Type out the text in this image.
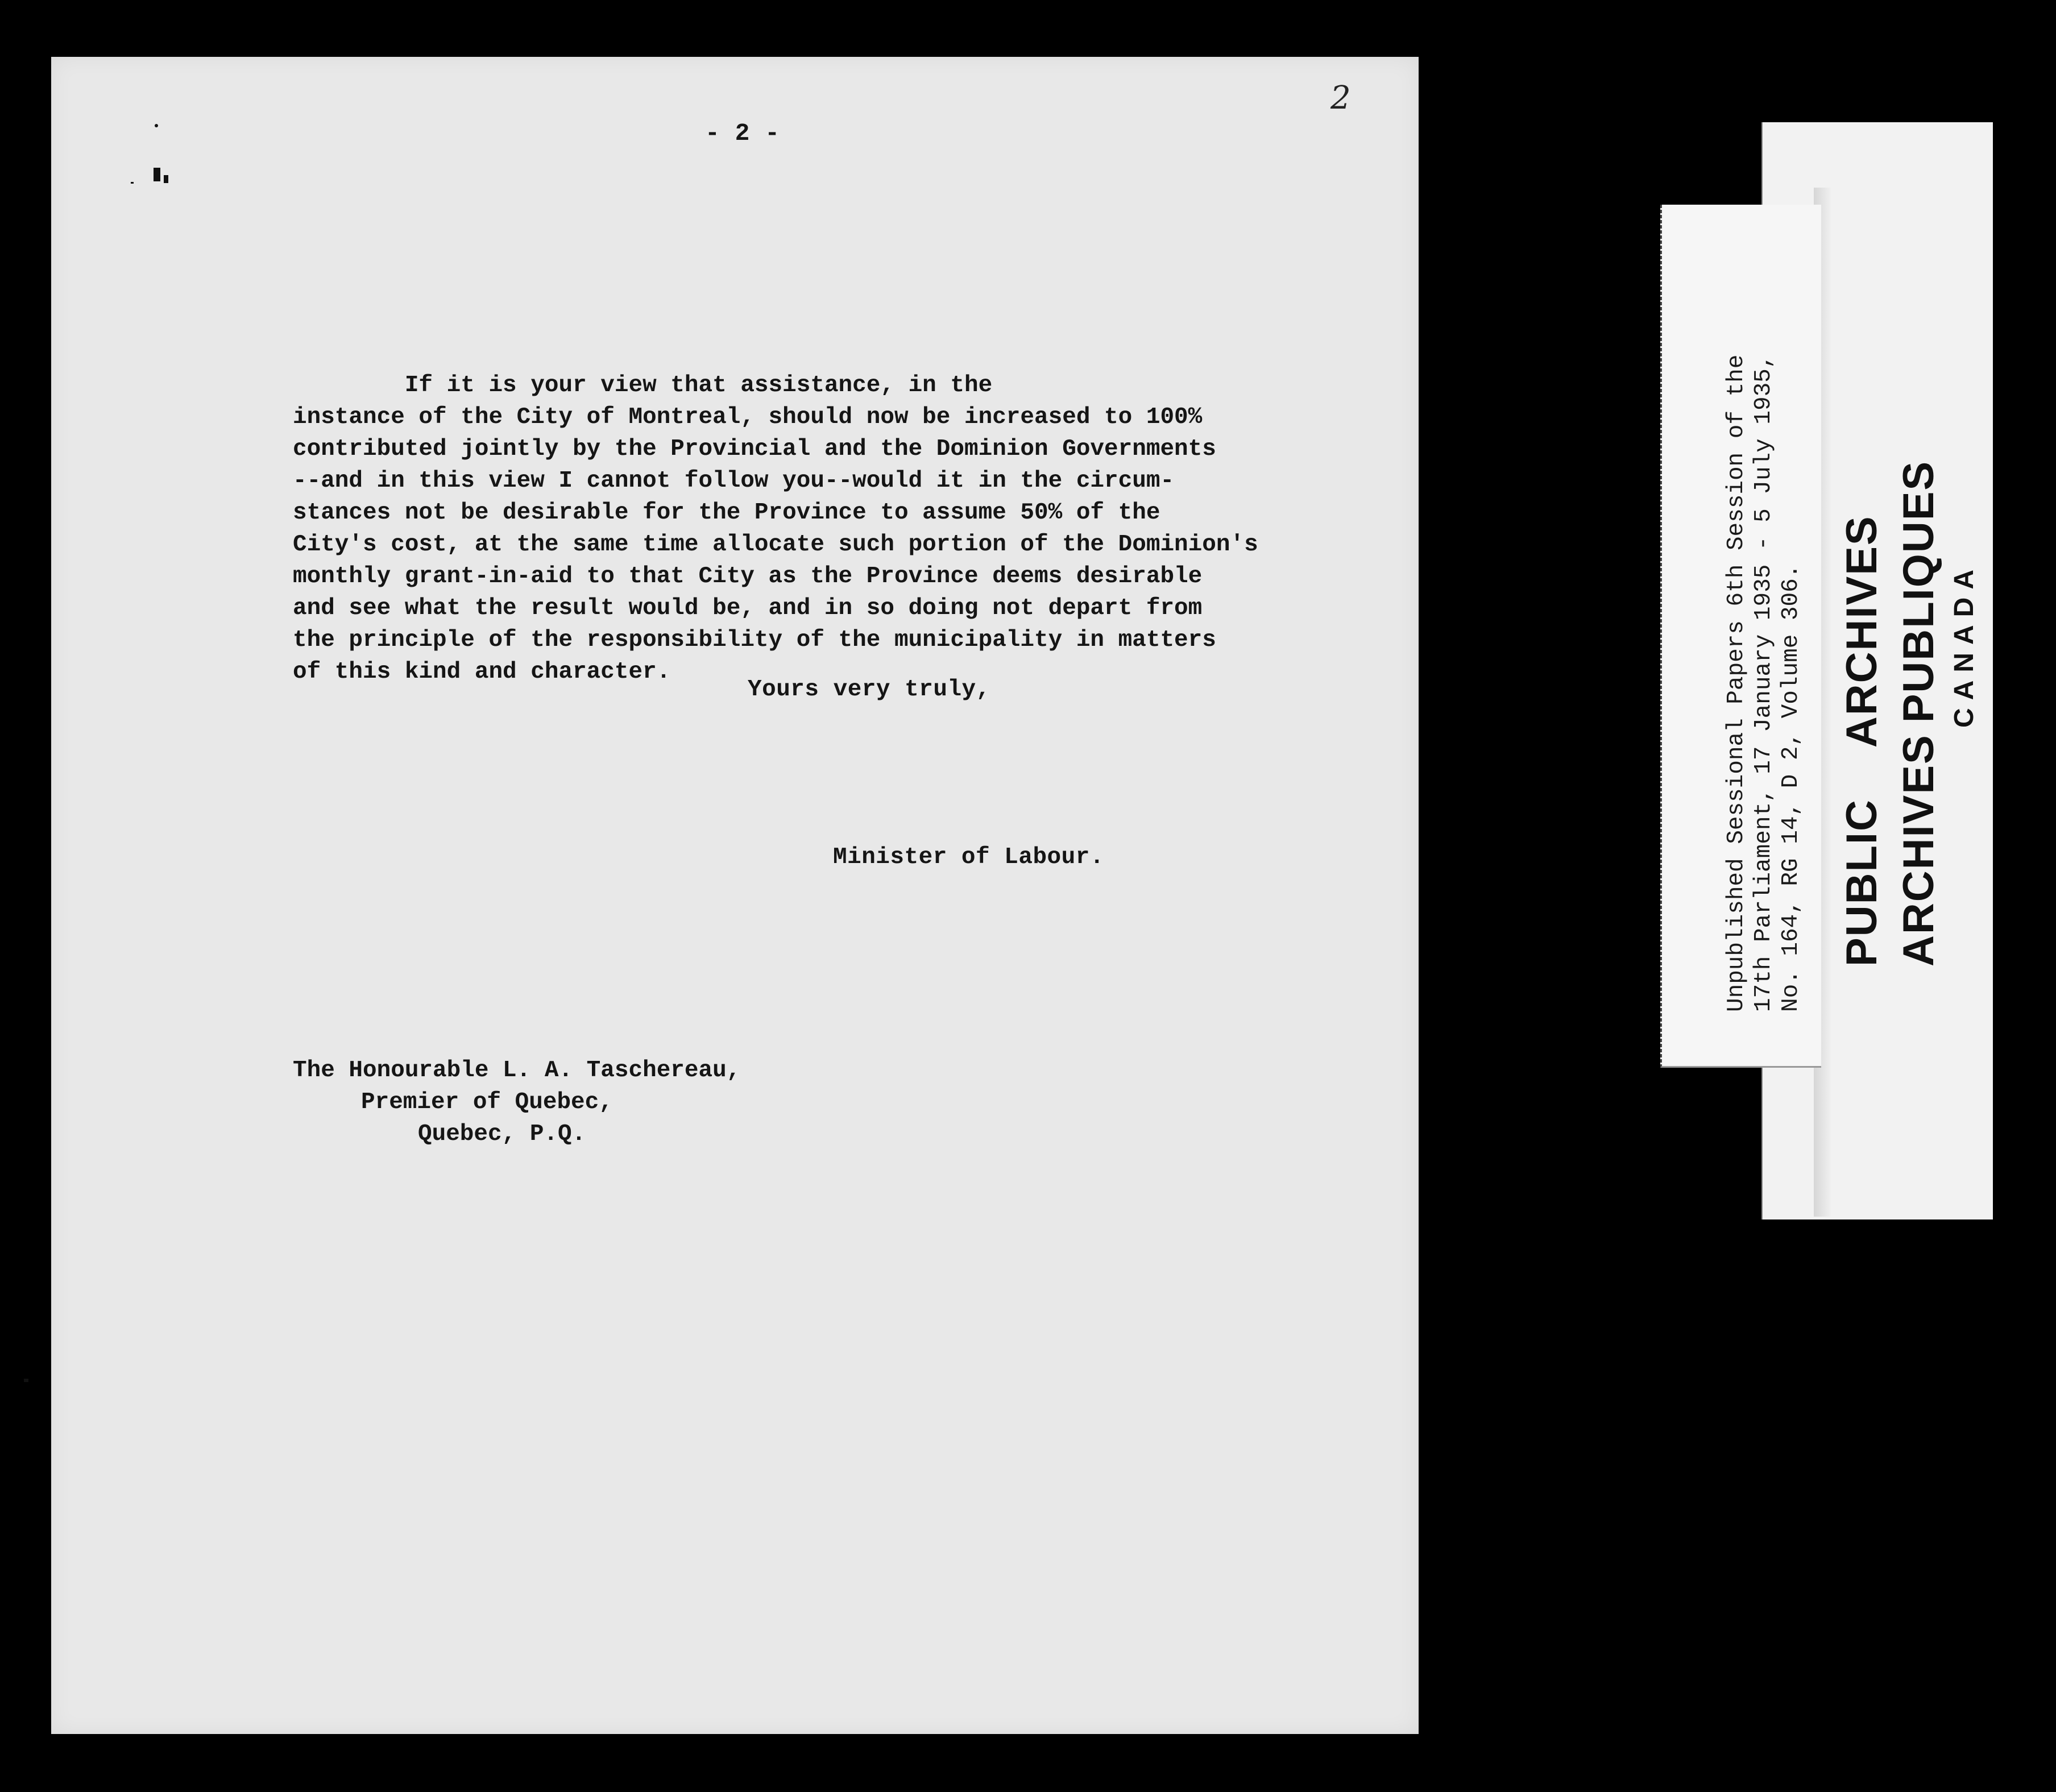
- 2 -
2
If it is your view that assistance, in the
instance of the City of Montreal, should now be increased to 100%
contributed jointly by the Provincial and the Dominion Governments
--and in this view I cannot follow you--would it in the circum-
stances not be desirable for the Province to assume 50% of the
City's cost, at the same time allocate such portion of the Dominion's
monthly grant-in-aid to that City as the Province deems desirable
and see what the result would be, and in so doing not depart from
the principle of the responsibility of the municipality in matters
of this kind and character.
Yours very truly,
Minister of Labour.
The Honourable L. A. Taschereau,
Premier of Quebec,
Quebec, P.Q.
Unpublished Sessional Papers 6th Session of the 17th Parliament, 17 January 1935 - 5 July 1935, No. 164, RG 14, D 2, Volume 306. PUBLICARCHIVES
ARCHIVESPUBLIQUES CANADA
